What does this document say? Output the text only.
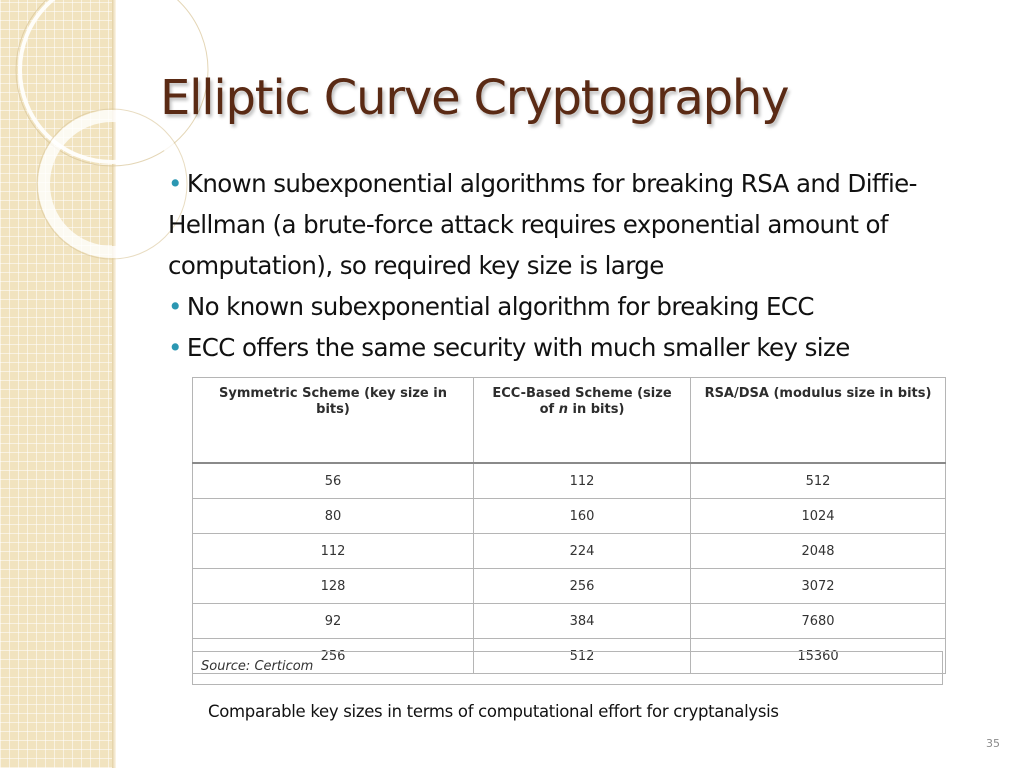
Elliptic Curve Cryptography
• Known subexponential algorithms for breaking RSA and Diffie-Hellman (a brute-force attack requires exponential amount of computation), so required key size is large
• No known subexponential algorithm for breaking ECC
• ECC offers the same security with much smaller key size
Symmetric Scheme (key size in bits)	ECC-Based Scheme (size of n in bits)	RSA/DSA (modulus size in bits)
56	112	512
80	160	1024
112	224	2048
128	256	3072
92	384	7680
256	512	15360
Source: Certicom

Comparable key sizes in terms of computational effort for cryptanalysis

35
